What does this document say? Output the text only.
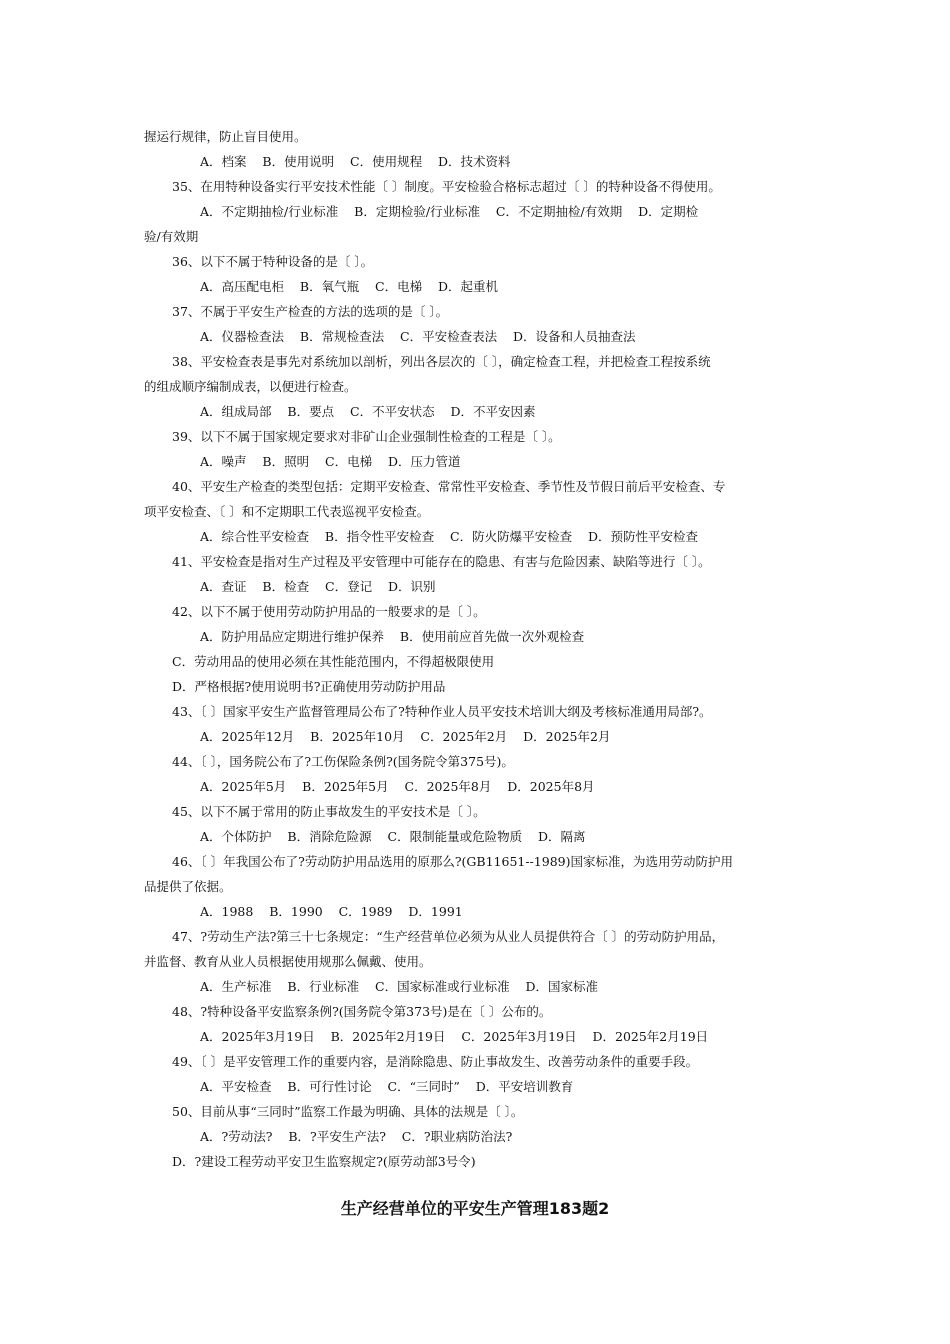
握运行规律，防止盲目使用。
A．档案    B．使用说明    C．使用规程    D．技术资料
35、在用特种设备实行平安技术性能〔 〕制度。平安检验合格标志超过〔 〕的特种设备不得使用。
A．不定期抽检/行业标准    B．定期检验/行业标准    C．不定期抽检/有效期    D．定期检
验/有效期
36、以下不属于特种设备的是〔 〕。
A．高压配电柜    B．氧气瓶    C．电梯    D．起重机
37、不属于平安生产检查的方法的选项的是〔 〕。
A．仪器检查法    B．常规检查法    C．平安检查表法    D．设备和人员抽查法
38、平安检查表是事先对系统加以剖析，列出各层次的〔 〕，确定检查工程，并把检查工程按系统
的组成顺序编制成表，以便进行检查。
A．组成局部    B．要点    C．不平安状态    D．不平安因素
39、以下不属于国家规定要求对非矿山企业强制性检查的工程是〔 〕。
A．噪声    B．照明    C．电梯    D．压力管道
40、平安生产检查的类型包括：定期平安检查、常常性平安检查、季节性及节假日前后平安检查、专
项平安检查、〔 〕和不定期职工代表巡视平安检查。
A．综合性平安检查    B．指令性平安检查    C．防火防爆平安检查    D．预防性平安检查
41、平安检查是指对生产过程及平安管理中可能存在的隐患、有害与危险因素、缺陷等进行〔 〕。
A．查证    B．检查    C．登记    D．识别
42、以下不属于使用劳动防护用品的一般要求的是〔 〕。
A．防护用品应定期进行维护保养    B．使用前应首先做一次外观检查
C．劳动用品的使用必须在其性能范围内，不得超极限使用
D．严格根据?使用说明书?正确使用劳动防护用品
43、〔 〕国家平安生产监督管理局公布了?特种作业人员平安技术培训大纲及考核标准通用局部?。
A．2025年12月    B．2025年10月    C．2025年2月    D．2025年2月
44、〔 〕，国务院公布了?工伤保险条例?(国务院令第375号)。
A．2025年5月    B．2025年5月    C．2025年8月    D．2025年8月
45、以下不属于常用的防止事故发生的平安技术是〔 〕。
A．个体防护    B．消除危险源    C．限制能量或危险物质    D．隔离
46、〔 〕年我国公布了?劳动防护用品选用的原那么?(GB11651--1989)国家标准，为选用劳动防护用
品提供了依据。
A．1988    B．1990    C．1989    D．1991
47、?劳动生产法?第三十七条规定：“生产经营单位必须为从业人员提供符合〔 〕的劳动防护用品，
并监督、教育从业人员根据使用规那么佩戴、使用。
A．生产标准    B．行业标准    C．国家标准或行业标准    D．国家标准
48、?特种设备平安监察条例?(国务院令第373号)是在〔 〕公布的。
A．2025年3月19日    B．2025年2月19日    C．2025年3月19日    D．2025年2月19日
49、〔 〕是平安管理工作的重要内容，是消除隐患、防止事故发生、改善劳动条件的重要手段。
A．平安检查    B．可行性讨论    C．“三同时”    D．平安培训教育
50、目前从事“三同时”监察工作最为明确、具体的法规是〔 〕。
A．?劳动法?    B．?平安生产法?    C．?职业病防治法?
D．?建设工程劳动平安卫生监察规定?(原劳动部3号令)
生产经营单位的平安生产管理183题2
